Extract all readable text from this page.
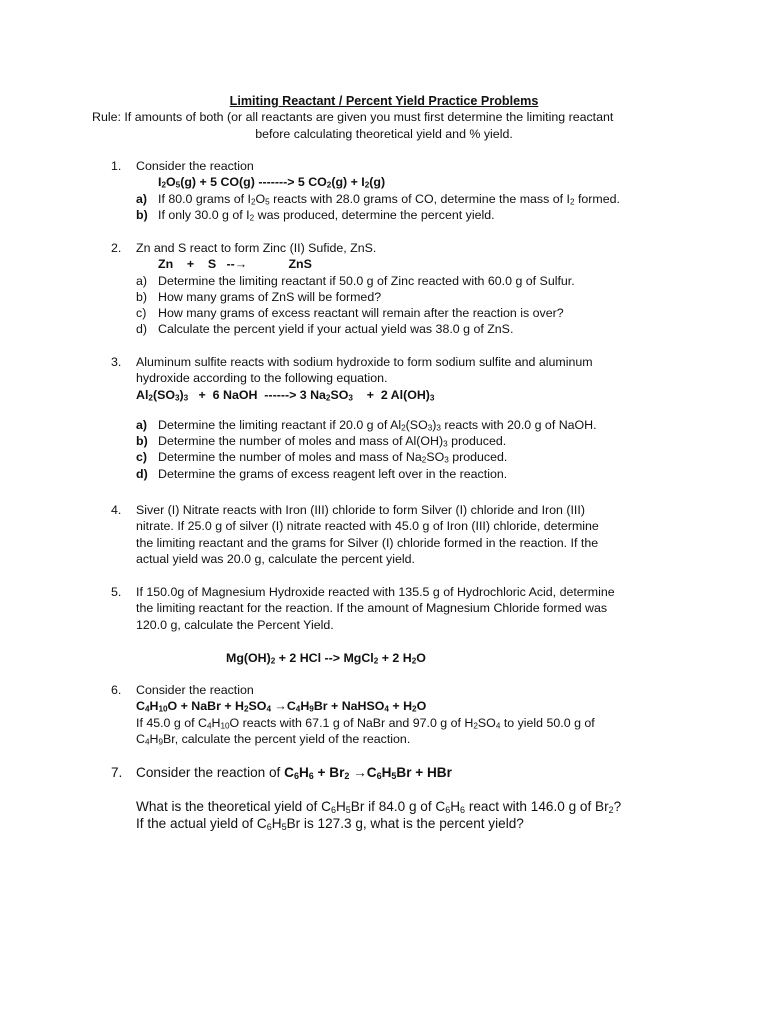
Limiting Reactant / Percent Yield Practice Problems
Rule: If amounts of both (or all reactants are given you must first determine the limiting reactant
before calculating theoretical yield and % yield.
1. Consider the reaction
$I_2O_5(g) + 5$ CO(g) -------> 5 $CO_2(g) + I_2(g)$
a) If 80.0 grams of $I_2O_5$ reacts with 28.0 grams of CO, determine the mass of $I_2$ formed.
b) If only 30.0 g of $I_2$ was produced, determine the percent yield.
2. Zn and S react to form Zinc (II) Sufide, ZnS.
Zn    +    S   --→            ZnS
a) Determine the limiting reactant if 50.0 g of Zinc reacted with 60.0 g of Sulfur.
b) How many grams of ZnS will be formed?
c) How many grams of excess reactant will remain after the reaction is over?
d) Calculate the percent yield if your actual yield was 38.0 g of ZnS.
3. Aluminum sulfite reacts with sodium hydroxide to form sodium sulfite and aluminum
hydroxide according to the following equation.
$Al_2(SO_3)_3 + 6$ NaOH  ------> 3 $Na_2SO_3$    +  2 $Al(OH)_3$
a) Determine the limiting reactant if 20.0 g of $Al_2(SO_3)_3$ reacts with 20.0 g of NaOH.
b) Determine the number of moles and mass of $Al(OH)_3$ produced.
c) Determine the number of moles and mass of $Na_2SO_3$ produced.
d) Determine the grams of excess reagent left over in the reaction.
4. Siver (I) Nitrate reacts with Iron (III) chloride to form Silver (I) chloride and Iron (III)
nitrate. If 25.0 g of silver (I) nitrate reacted with 45.0 g of Iron (III) chloride, determine
the limiting reactant and the grams for Silver (I) chloride formed in the reaction. If the
actual yield was 20.0 g, calculate the percent yield.
5. If 150.0g of Magnesium Hydroxide reacted with 135.5 g of Hydrochloric Acid, determine
the limiting reactant for the reaction. If the amount of Magnesium Chloride formed was
120.0 g, calculate the Percent Yield.
$Mg(OH)_2 + 2$ HCl --> MgCl$_2$ + 2 $H_2O$
6. Consider the reaction
$C_4H_{10}O$ + NaBr + $H_2SO_4 \to C_4H_9Br$ + NaHSO$_4$ + $H_2O$
If 45.0 g of $C_4H_{10}O$ reacts with 67.1 g of NaBr and 97.0 g of $H_2SO_4$ to yield 50.0 g of
$C_4H_9Br$, calculate the percent yield of the reaction.
7. Consider the reaction of $C_6H_6 + Br_2 \to C_6H_5Br$ + HBr
What is the theoretical yield of $C_6H_5Br$ if 84.0 g of $C_6H_6$ react with 146.0 g of $Br_2$?
If the actual yield of $C_6H_5Br$ is 127.3 g, what is the percent yield?
